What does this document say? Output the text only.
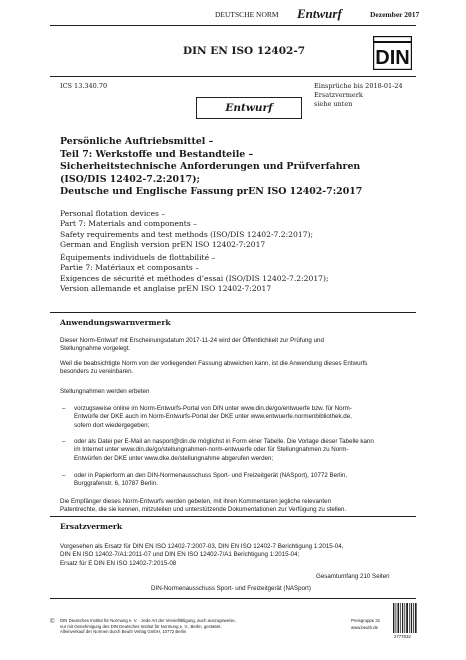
DEUTSCHE NORM Entwurf	Dezember 2017
DIN EN ISO 12402-7	DIN
ICS 13.340.70	Einsprüche bis 2018-01-24
Ersatzvermerk
siehe unten
Entwurf
Persönliche Auftriebsmittel –
Teil 7: Werkstoffe und Bestandteile –
Sicherheitstechnische Anforderungen und Prüfverfahren
(ISO/DIS 12402-7.2:2017);
Deutsche und Englische Fassung prEN ISO 12402-7:2017
Personal flotation devices –
Part 7: Materials and components –
Safety requirements and test methods (ISO/DIS 12402-7.2:2017);
German and English version prEN ISO 12402-7:2017
Équipements individuels de flottabilité –
Partie 7: Matériaux et composants –
Exigences de sécurité et méthodes d’essai (ISO/DIS 12402-7.2:2017);
Version allemande et anglaise prEN ISO 12402-7:2017
Anwendungswarnvermerk
Dieser Norm-Entwurf mit Erscheinungsdatum 2017-11-24 wird der Öffentlichkeit zur Prüfung und
Stellungnahme vorgelegt.
Weil die beabsichtigte Norm von der vorliegenden Fassung abweichen kann, ist die Anwendung dieses Entwurfs
besonders zu vereinbaren.
Stellungnahmen werden erbeten
– vorzugsweise online im Norm-Entwurfs-Portal von DIN unter www.din.de/go/entwuerfe bzw. für Norm-
Entwürfe der DKE auch im Norm-Entwurfs-Portal der DKE unter www.entwuerfe.normenbibliothek.de,
sofern dort wiedergegeben;
– oder als Datei per E-Mail an nasport@din.de möglichst in Form einer Tabelle. Die Vorlage dieser Tabelle kann
im Internet unter www.din.de/go/stellungnahmen-norm-entwuerfe oder für Stellungnahmen zu Norm-
Entwürfen der DKE unter www.dke.de/stellungnahme abgerufen werden;
– oder in Papierform an den DIN-Normenausschuss Sport- und Freizeitgerät (NASport), 10772 Berlin,
Burggrafenstr. 6, 10787 Berlin.
Die Empfänger dieses Norm-Entwurfs werden gebeten, mit ihren Kommentaren jegliche relevanten
Patentrechte, die sie kennen, mitzuteilen und unterstützende Dokumentationen zur Verfügung zu stellen.
Ersatzvermerk
Vorgesehen als Ersatz für DIN EN ISO 12402-7:2007-03, DIN EN ISO 12402-7 Berichtigung 1:2015-04,
DIN EN ISO 12402-7/A1:2011-07 und DIN EN ISO 12402-7/A1 Berichtigung 1:2015-04;
Ersatz für E DIN EN ISO 12402-7:2015-08
Gesamtumfang 210 Seiten
DIN-Normenausschuss Sport- und Freizeitgerät (NASport)
© DIN Deutsches Institut für Normung e. V. · Jede Art der Vervielfältigung, auch auszugsweise,
nur mit Genehmigung des DIN Deutsches Institut für Normung e. V., Berlin, gestattet.
Alleinverkauf der Normen durch Beuth Verlag GmbH, 10772 Berlin
Preisgruppe 31
www.beuth.de
2777832
